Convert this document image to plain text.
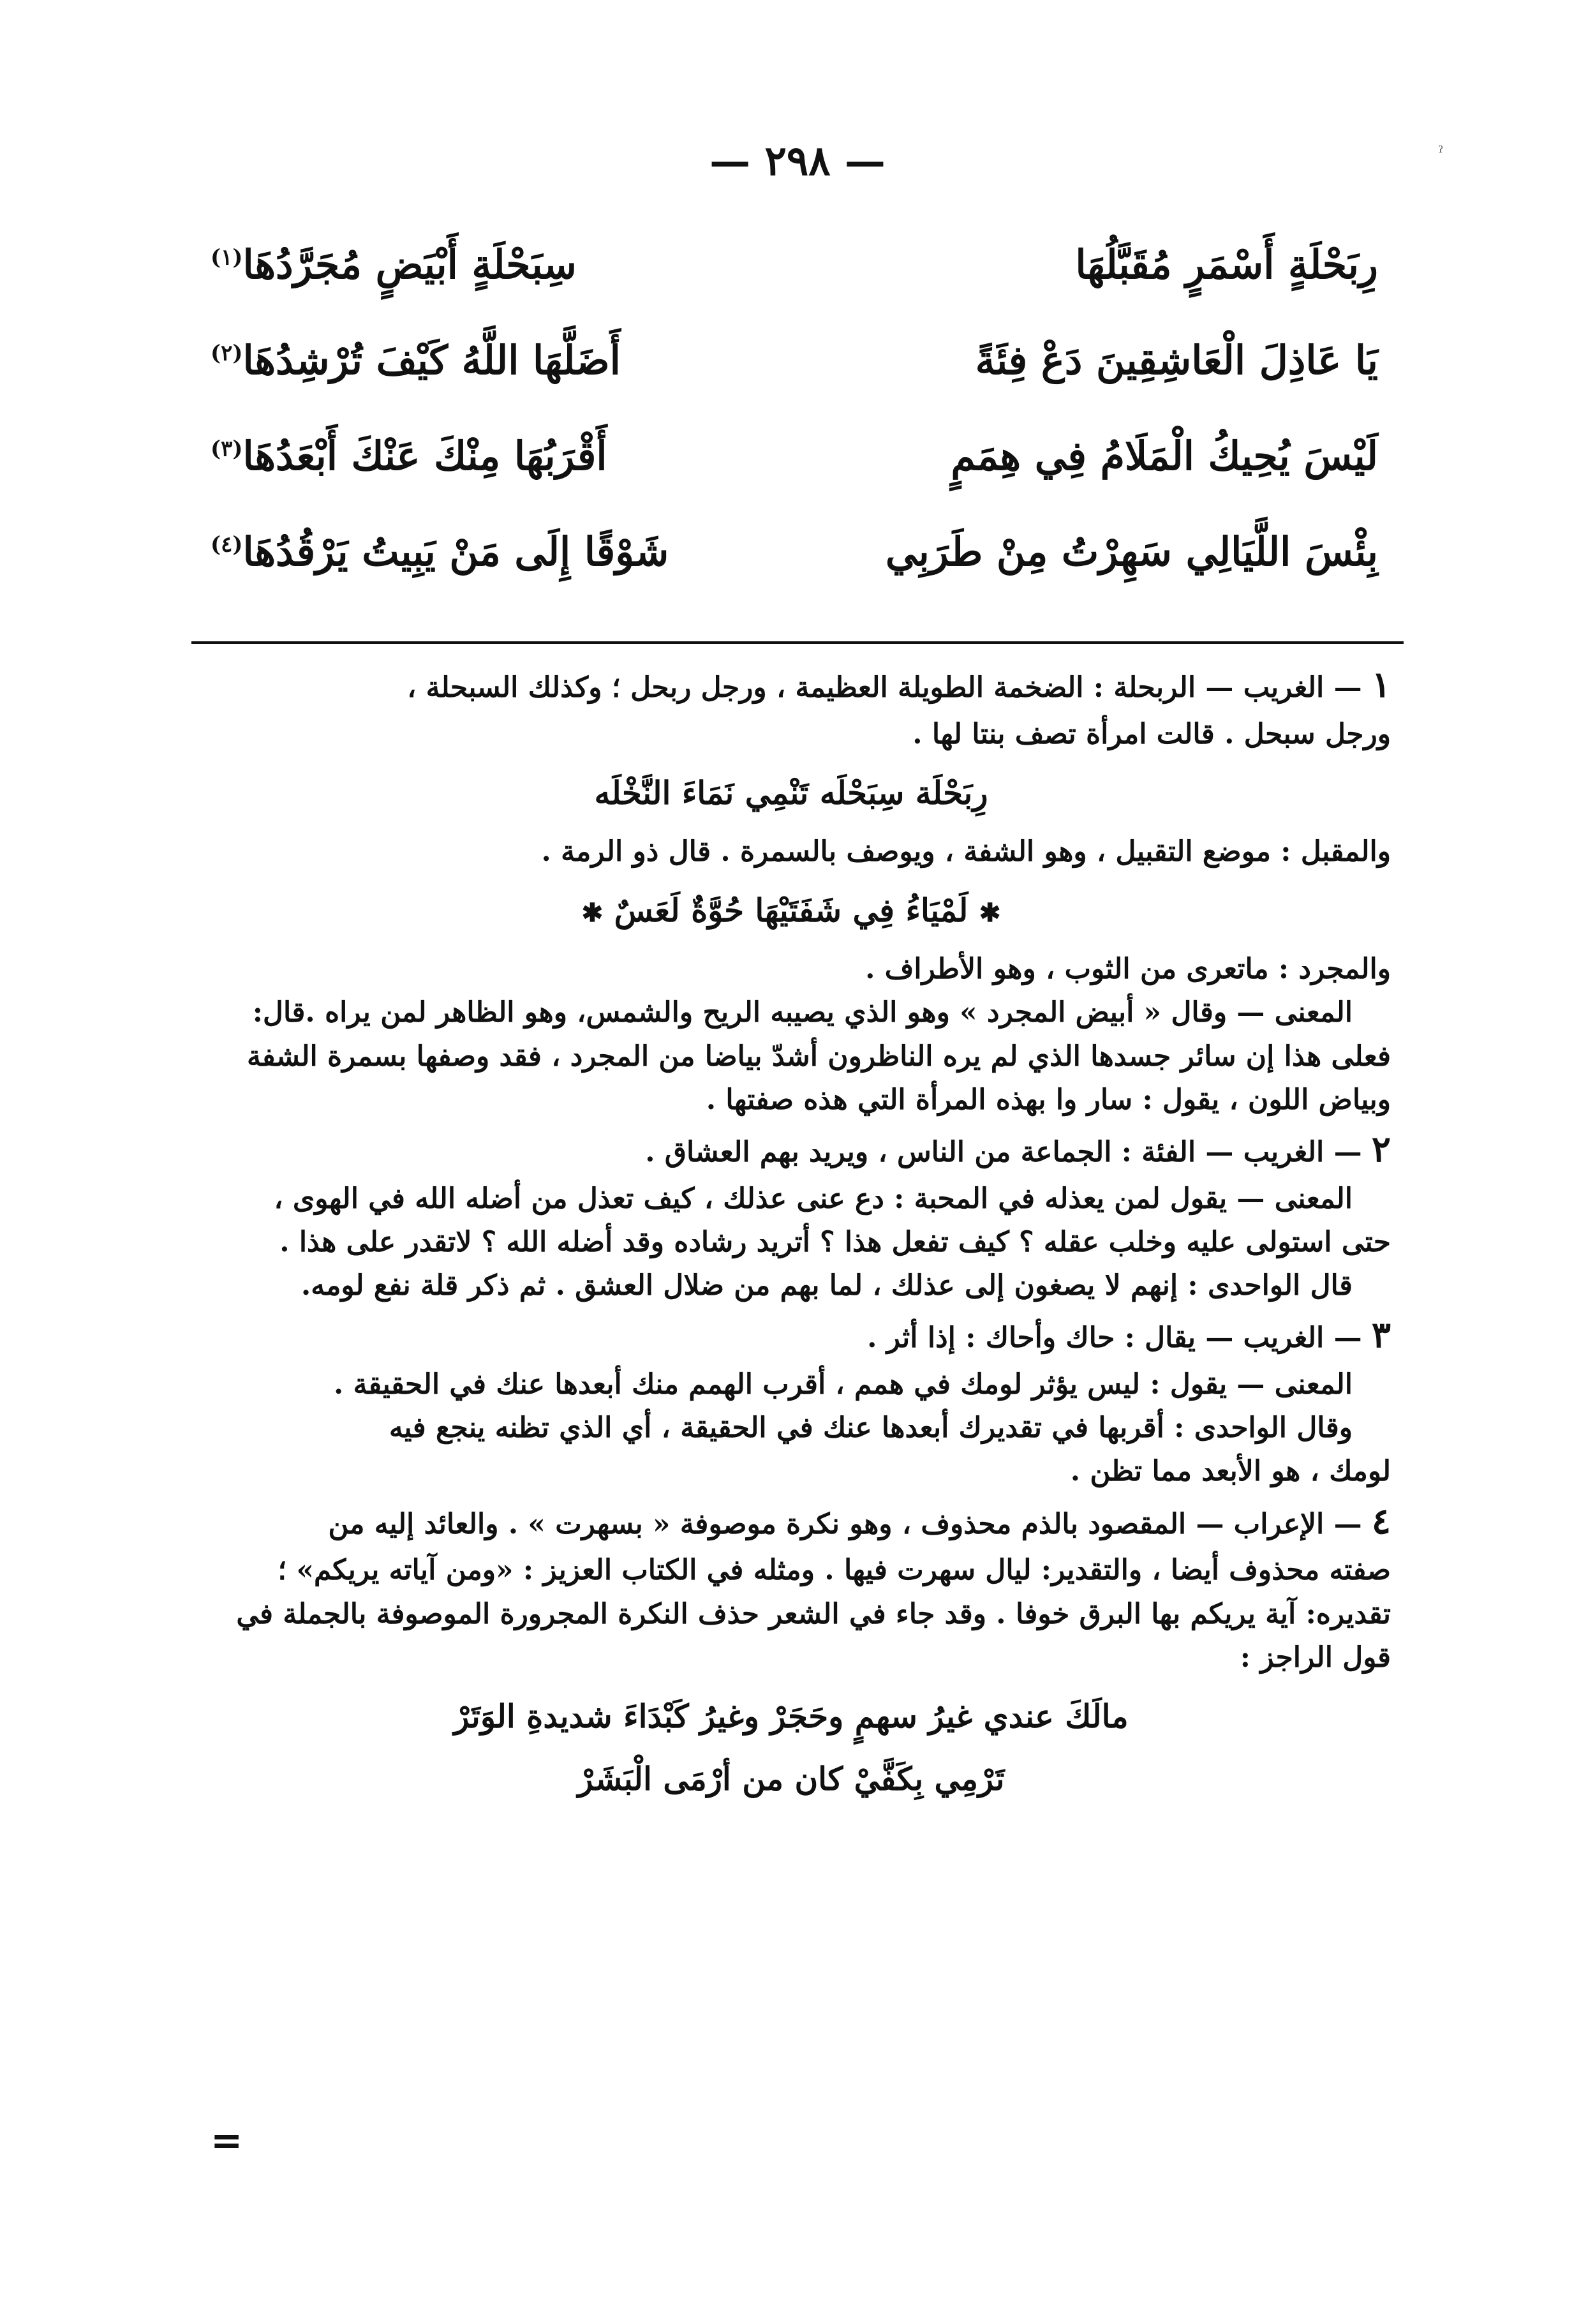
ˀ
— ٢٩٨ —
رِبَحْلَةٍ أَسْمَرٍ مُقَبَّلُهَا
سِبَحْلَةٍ أَبْيَضٍ مُجَرَّدُهَا$^{(١)}$
يَا عَاذِلَ الْعَاشِقِينَ دَعْ فِئَةً
أَضَلَّهَا اللَّهُ كَيْفَ تُرْشِدُهَا$^{(٢)}$
لَيْسَ يُحِيكُ الْمَلَامُ فِي هِمَمٍ
أَقْرَبُهَا مِنْكَ عَنْكَ أَبْعَدُهَا$^{(٣)}$
بِئْسَ اللَّيَالِي سَهِرْتُ مِنْ طَرَبِي
شَوْقًا إِلَى مَنْ يَبِيتُ يَرْقُدُهَا$^{(٤)}$

١ — الغريب — الربحلة : الضخمة الطويلة العظيمة ، ورجل ربحل ؛ وكذلك السبحلة ،

ورجل سبحل . قالت امرأة تصف بنتا لها .

رِبَحْلَة سِبَحْلَه تَنْمِي نَمَاءَ النَّخْلَه

والمقبل : موضع التقبيل ، وهو الشفة ، ويوصف بالسمرة . قال ذو الرمة .

✱ لَمْيَاءُ فِي شَفَتَيْهَا حُوَّةٌ لَعَسٌ ✱

والمجرد : ماتعرى من الثوب ، وهو الأطراف .

المعنى — وقال « أبيض المجرد » وهو الذي يصيبه الريح والشمس، وهو الظاهر لمن يراه .قال:

فعلى هذا إن سائر جسدها الذي لم يره الناظرون أشدّ بياضا من المجرد ، فقد وصفها بسمرة الشفة

وبياض اللون ، يقول : سار وا بهذه المرأة التي هذه صفتها .

٢ — الغريب — الفئة : الجماعة من الناس ، ويريد بهم العشاق .

المعنى — يقول لمن يعذله في المحبة : دع عنى عذلك ، كيف تعذل من أضله الله في الهوى ،

حتى استولى عليه وخلب عقله ؟ كيف تفعل هذا ؟ أتريد رشاده وقد أضله الله ؟ لاتقدر على هذا .

قال الواحدى : إنهم لا يصغون إلى عذلك ، لما بهم من ضلال العشق . ثم ذكر قلة نفع لومه.

٣ — الغريب — يقال : حاك وأحاك : إذا أثر .

المعنى — يقول : ليس يؤثر لومك في همم ، أقرب الهمم منك أبعدها عنك في الحقيقة .

وقال الواحدى : أقربها في تقديرك أبعدها عنك في الحقيقة ، أي الذي تظنه ينجع فيه

لومك ، هو الأبعد مما تظن .

٤ — الإعراب — المقصود بالذم محذوف ، وهو نكرة موصوفة « بسهرت » . والعائد إليه من

صفته محذوف أيضا ، والتقدير: ليال سهرت فيها . ومثله في الكتاب العزيز : «ومن آياته يريكم» ؛

تقديره: آية يريكم بها البرق خوفا . وقد جاء في الشعر حذف النكرة المجرورة الموصوفة بالجملة في

قول الراجز :

مالَكَ عندي غيرُ سهمٍ وحَجَرْ وغيرُ كَبْدَاءَ شديدةِ الوَتَرْ

تَرْمِي بِكَفَّيْ كان من أرْمَى الْبَشَرْ

=
